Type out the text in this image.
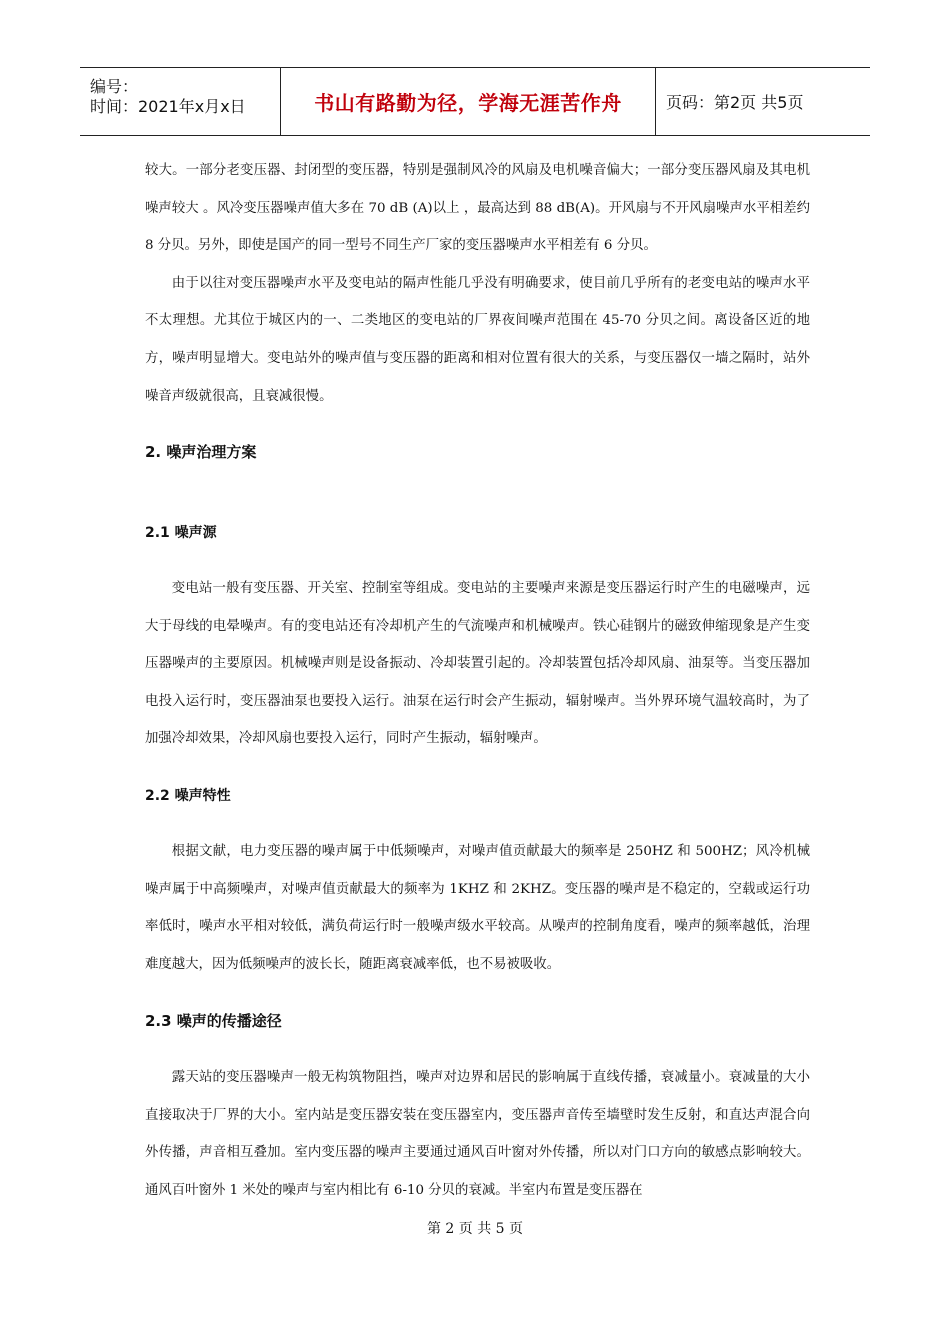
编号：
时间：2021年x月x日	书山有路勤为径，学海无涯苦作舟	页码：第2页 共5页

较大。一部分老变压器、封闭型的变压器，特别是强制风冷的风扇及电机噪音偏大；一部分变压器风扇及其电机噪声较大 。风冷变压器噪声值大多在 70 dB (A)以上 ，最高达到 88 dB(A)。开风扇与不开风扇噪声水平相差约 8 分贝。另外，即使是国产的同一型号不同生产厂家的变压器噪声水平相差有 6 分贝。

由于以往对变压器噪声水平及变电站的隔声性能几乎没有明确要求，使目前几乎所有的老变电站的噪声水平不太理想。尤其位于城区内的一、二类地区的变电站的厂界夜间噪声范围在 45-70 分贝之间。离设备区近的地方，噪声明显增大。变电站外的噪声值与变压器的距离和相对位置有很大的关系，与变压器仅一墙之隔时，站外噪音声级就很高，且衰减很慢。

2. 噪声治理方案
2.1 噪声源

变电站一般有变压器、开关室、控制室等组成。变电站的主要噪声来源是变压器运行时产生的电磁噪声，远大于母线的电晕噪声。有的变电站还有冷却机产生的气流噪声和机械噪声。铁心硅钢片的磁致伸缩现象是产生变压器噪声的主要原因。机械噪声则是设备振动、冷却装置引起的。冷却装置包括冷却风扇、油泵等。当变压器加电投入运行时，变压器油泵也要投入运行。油泵在运行时会产生振动，辐射噪声。当外界环境气温较高时，为了加强冷却效果，冷却风扇也要投入运行，同时产生振动，辐射噪声。

2.2 噪声特性

根据文献，电力变压器的噪声属于中低频噪声，对噪声值贡献最大的频率是 250HZ 和 500HZ；风冷机械噪声属于中高频噪声，对噪声值贡献最大的频率为 1KHZ 和 2KHZ。变压器的噪声是不稳定的，空载或运行功率低时，噪声水平相对较低，满负荷运行时一般噪声级水平较高。从噪声的控制角度看，噪声的频率越低，治理难度越大，因为低频噪声的波长长，随距离衰减率低，也不易被吸收。

2.3 噪声的传播途径

露天站的变压器噪声一般无构筑物阻挡，噪声对边界和居民的影响属于直线传播，衰减量小。衰减量的大小直接取决于厂界的大小。室内站是变压器安装在变压器室内，变压器声音传至墙壁时发生反射，和直达声混合向外传播，声音相互叠加。室内变压器的噪声主要通过通风百叶窗对外传播，所以对门口方向的敏感点影响较大。通风百叶窗外 1 米处的噪声与室内相比有 6-10 分贝的衰减。半室内布置是变压器在

第 2 页 共 5 页
